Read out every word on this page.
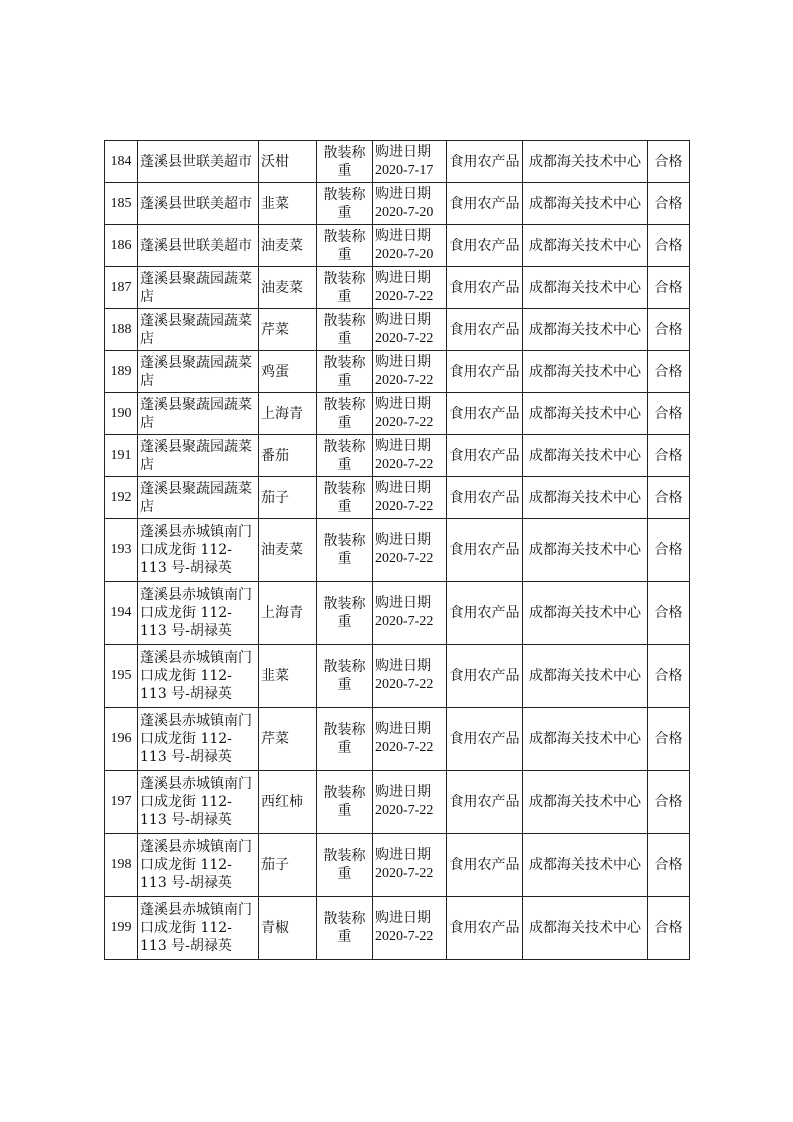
184	蓬溪县世联美超市	沃柑	散装称重	购进日期 2020-7-17	食用农产品	成都海关技术中心	合格
185	蓬溪县世联美超市	韭菜	散装称重	购进日期 2020-7-20	食用农产品	成都海关技术中心	合格
186	蓬溪县世联美超市	油麦菜	散装称重	购进日期 2020-7-20	食用农产品	成都海关技术中心	合格
187	蓬溪县聚蔬园蔬菜店	油麦菜	散装称重	购进日期 2020-7-22	食用农产品	成都海关技术中心	合格
188	蓬溪县聚蔬园蔬菜店	芹菜	散装称重	购进日期 2020-7-22	食用农产品	成都海关技术中心	合格
189	蓬溪县聚蔬园蔬菜店	鸡蛋	散装称重	购进日期 2020-7-22	食用农产品	成都海关技术中心	合格
190	蓬溪县聚蔬园蔬菜店	上海青	散装称重	购进日期 2020-7-22	食用农产品	成都海关技术中心	合格
191	蓬溪县聚蔬园蔬菜店	番茄	散装称重	购进日期 2020-7-22	食用农产品	成都海关技术中心	合格
192	蓬溪县聚蔬园蔬菜店	茄子	散装称重	购进日期 2020-7-22	食用农产品	成都海关技术中心	合格
193	蓬溪县赤城镇南门口成龙街 112-113 号-胡禄英	油麦菜	散装称重	购进日期 2020-7-22	食用农产品	成都海关技术中心	合格
194	蓬溪县赤城镇南门口成龙街 112-113 号-胡禄英	上海青	散装称重	购进日期 2020-7-22	食用农产品	成都海关技术中心	合格
195	蓬溪县赤城镇南门口成龙街 112-113 号-胡禄英	韭菜	散装称重	购进日期 2020-7-22	食用农产品	成都海关技术中心	合格
196	蓬溪县赤城镇南门口成龙街 112-113 号-胡禄英	芹菜	散装称重	购进日期 2020-7-22	食用农产品	成都海关技术中心	合格
197	蓬溪县赤城镇南门口成龙街 112-113 号-胡禄英	西红柿	散装称重	购进日期 2020-7-22	食用农产品	成都海关技术中心	合格
198	蓬溪县赤城镇南门口成龙街 112-113 号-胡禄英	茄子	散装称重	购进日期 2020-7-22	食用农产品	成都海关技术中心	合格
199	蓬溪县赤城镇南门口成龙街 112-113 号-胡禄英	青椒	散装称重	购进日期 2020-7-22	食用农产品	成都海关技术中心	合格
